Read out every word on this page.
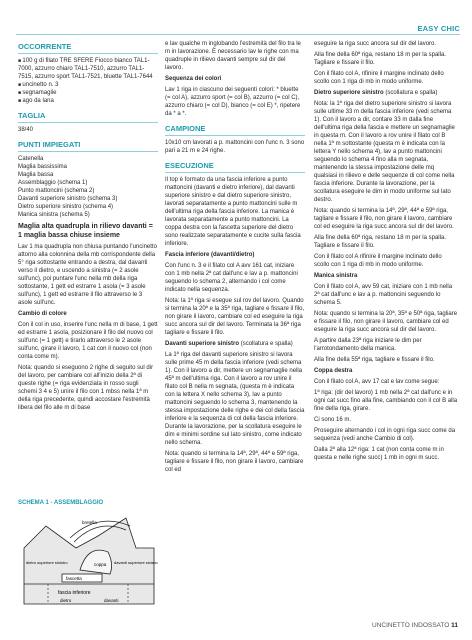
EASY CHIC
OCCORRENTE
■ 100 g di filato TRE SFERE Fiocco bianco TAL1-7000, azzurro chiaro TAL1-7510, azzurro TAL1-7515, azzurro sport TAL1-7521, bluette TAL1-7644
■ uncinetto n. 3
■ segnamaglie
■ ago da lana
TAGLIA

38/40

PUNTI IMPIEGATI
Catenella
Maglia bassissima
Maglia bassa
Assemblaggio (schema 1)
Punto mattoncini (schema 2)
Davanti superiore sinistro (schema 3)
Dietro superiore sinistro (schema 4)
Manica sinistra (schema 5)

Maglia alta quadrupla in rilievo davanti = 1 maglia bassa chiuse insieme

Lav 1 ma quadrupla non chiusa puntando l'uncinetto attorno alla colonnina della mb corrispondente della 5° riga sottostante entrando a destra, dal davanti verso il dietro, e uscendo a sinistra (= 2 asole sull'unc), poi puntare l'unc nella mb della riga sottostante, 1 gett ed estrarre 1 asola (= 3 asole sull'unc), 1 gett ed estrarre il filo attraverso le 3 asole sull'unc.

Cambio di colore

Con il col in uso, inserire l'unc nella m di base, 1 gett ed estrarre 1 asola, posizionare il filo del nuovo col sull'unc (= 1 gett) e tirarlo attraverso le 2 asole sull'unc, girare il lavoro, 1 cat con il nuovo col (non conta come m).

Nota: quando si eseguono 2 righe di seguito sul dir del lavoro, per cambiare col all'inizio della 2ª di queste righe (= riga evidenziata in rosso sugli schemi 3 4 e 5) unire il filo con 1 mbss nella 1ª m della riga precedente, quindi accostare l'estremità libera del filo alle m di base

SCHEMA 1 - ASSEMBLAGGIO
bretella
coppa
dietro superiore sinistro	davanti superiore sinistro
fascetta
fascia inferiore
dietro	davanti

e lav qualche m inglobando l'estremità del filo tra le m in lavorazione. È necessario lav le righe con ma quadruple in rilievo davanti sempre sul dir del lavoro.

Sequenza dei colori

Lav 1 riga in ciascuno dei seguenti colori: * bluette (= col A), azzurro sport (= col B), azzurro (= col C), azzurro chiaro (= col D), bianco (= col E) *, ripetere da * a *.

CAMPIONE

10x10 cm lavorati a p. mattoncini con l'unc n. 3 sono pari a 21 m e 24 righe.

ESECUZIONE

Il top è formato da una fascia inferiore a punto mattoncini (davanti e dietro inferiore), dal davanti superiore sinistro e dal dietro superiore sinistro, lavorati separatamente a punto mattoncini sulle m dell'ultima riga della fascia inferiore. La manica è lavorata separatamente a punto mattoncini. La coppa destra con la fascetta superiore del dietro sono realizzate separatamente e cucite sulla fascia inferiore.

Fascia inferiore (davanti/dietro)

Con l'unc n. 3 e il filato col A avv 161 cat, iniziare con 1 mb nella 2ª cat dall'unc e lav a p. mattoncini seguendo lo schema 2, alternando i col come indicato nella sequenza.

Nota: la 1ª riga si esegue sul rov del lavoro. Quando si termina la 20ª e la 35ª riga, tagliare e fissare il filo, non girare il lavoro, cambiare col ed eseguire la riga succ ancora sul dir del lavoro. Terminata la 36ª riga tagliare e fissare il filo.

Davanti superiore sinistro (scollatura e spalla)

La 1ª riga del davanti superiore sinistro si lavora sulle prime 45 m della fascia inferiore (vedi schema 1). Con il lavoro a dir, mettere un segnamaglie nella 45ª m dell'ultima riga. Con il lavoro a rov unire il filato col B nella m segnata, (questa m è indicata con la lettera X nello schema 3), lav a punto mattoncini seguendo lo schema 3, mantenendo la stessa impostazione delle righe e dei col della fascia inferiore e la sequenza di col della fascia inferiore. Durante la lavorazione, per la scollatura eseguire le dim e minimi sordine sul lato sinistro, come indicato nello schema.

Nota: quando si termina la 14ª, 29ª, 44ª e 59ª riga, tagliare e fissare il filo, non girare il lavoro, cambiare col ed

eseguire la riga succ ancora sul dir del lavoro.

Alla fine della 60ª riga, restano 18 m per la spalla. Tagliare e fissare il filo.

Con il filato col A, rifinire il margine inclinato dello scollo con 1 riga di mb in modo uniforme.

Dietro superiore sinistro (scollatura e spalla)

Nota: la 1ª riga del dietro superiore sinistro si lavora sulle ultime 33 m della fascia inferiore (vedi schema 1). Con il lavoro a dir, contare 33 m dalla fine dell'ultima riga della fascia e mettere un segnamaglie in questa m. Con il lavoro a rov unire il filato col B nella 1ª m sottostante (questa m è indicata con la lettera Y nello schema 4), lav a punto mattoncini seguendo lo schema 4 fino alla m segnata, mantenendo la stessa impostazione delle mq qualsiasi in rilievo e delle sequenze di col come nella fascia inferiore. Durante la lavorazione, per la scollatura eseguire le dim in modo uniforme sul lato destro.

Nota: quando si termina la 14ª, 29ª, 44ª e 59ª riga, tagliare e fissare il filo, non girare il lavoro, cambiare col ed eseguire la riga succ ancora sul dir del lavoro.

Alla fine della 60ª riga, restano 18 m per la spalla. Tagliare e fissare il filo.

Con il filato col A rifinire il margine inclinato dello scollo con 1 riga di mb in modo uniforme.

Manica sinistra

Con il filato col A, avv 59 cat, iniziare con 1 mb nella 2ª cat dall'unc e lav a p. mattoncini seguendo lo schema 5.

Nota: quando si termina la 20ª, 35ª e 50ª riga, tagliare e fissare il filo, non girare il lavoro, cambiare col ed eseguire la riga succ ancora sul dir del lavoro.

A partire dalla 23ª riga iniziare le dim per l'arrotondamento della manica.

Alla fine della 55ª riga, tagliare e fissare il filo.

Coppa destra

Con il filato col A, avv 17 cat e lav come segue:

1ª riga: (dir del lavoro) 1 mb nella 2ª cat dall'unc e in ogni cat succ fino alla fine, cambiando con il col B alla fine della riga, girare.

Ci sono 16 m.

Proseguire alternando i col in ogni riga succ come da sequenza (vedi anche Cambio di col).

Dalla 2ª alla 12ª riga: 1 cat (non conta come m in questa e nelle righe succ) 1 mb in ogni m succ.

UNCINETTO INDOSSATO 11
